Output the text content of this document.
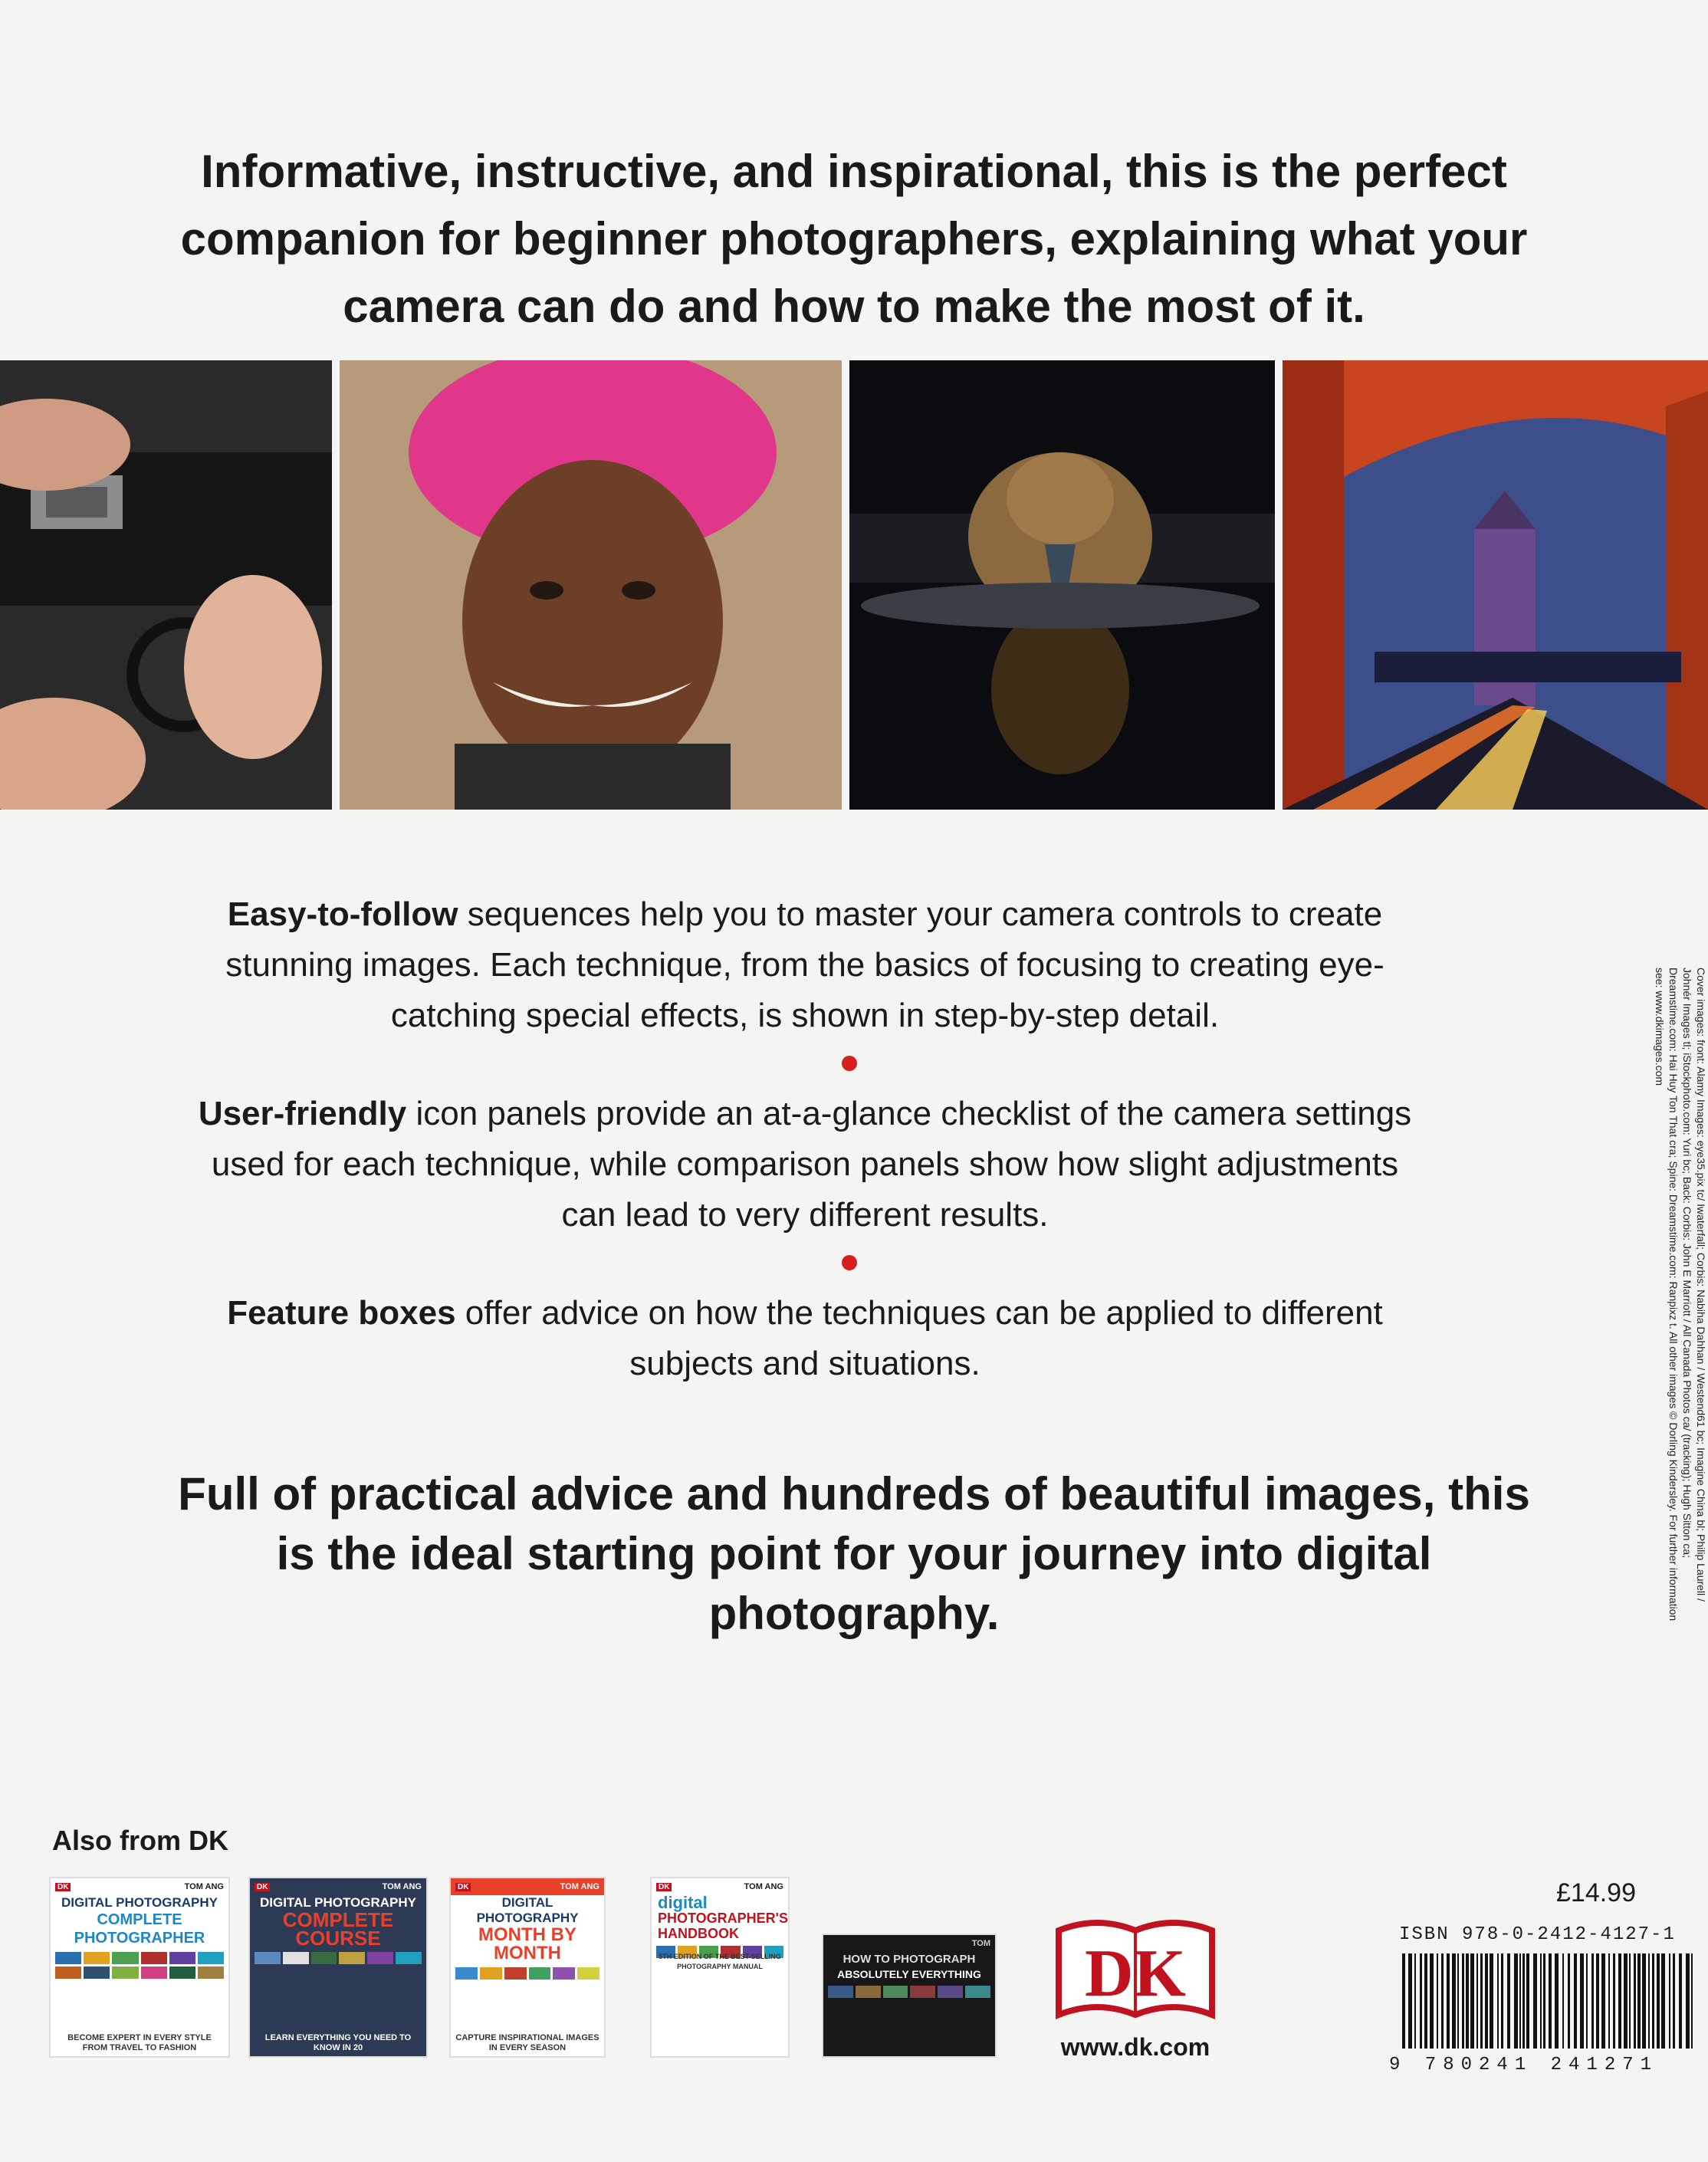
Informative, instructive, and inspirational, this is the perfect companion for beginner photographers, explaining what your camera can do and how to make the most of it.
Easy-to-follow sequences help you to master your camera controls to create stunning images. Each technique, from the basics of focusing to creating eye-catching special effects, is shown in step-by-step detail.
User-friendly icon panels provide an at-a-glance checklist of the camera settings used for each technique, while comparison panels show how slight adjustments can lead to very different results.
Feature boxes offer advice on how the techniques can be applied to different subjects and situations.
Full of practical advice and hundreds of beautiful images, this is the ideal starting point for your journey into digital photography.
Cover images: front: Alamy Images: eye35.pix tc/ Iwaterfall; Corbis: Nabiha Dahhan / Westend61 bc; Imagine China bl; Philip Laurell / Johnér Images tl; iStockphoto.com: Yuri bc; Back: Corbis: John E Marriott / All Canada Photos ca/ (tracking); Hugh Sitton ca; Dreamstime.com: Hai Huy Ton That cra; Spine: Dreamstime.com: Ranpixz t. All other images © Dorling Kindersley. For further information see: www.dkimages.com
Also from DK
DK	TOM ANG
DIGITAL PHOTOGRAPHY
COMPLETE PHOTOGRAPHER
BECOME EXPERT IN EVERY STYLE FROM TRAVEL TO FASHION
DK	TOM ANG
DIGITAL PHOTOGRAPHY
COMPLETE COURSE
LEARN EVERYTHING YOU NEED TO KNOW IN 20
DK	TOM ANG
DIGITAL PHOTOGRAPHY
MONTH BY MONTH
CAPTURE INSPIRATIONAL IMAGES IN EVERY SEASON
DK	TOM ANG
digital
PHOTOGRAPHER'S HANDBOOK
5TH EDITION OF THE BEST-SELLING PHOTOGRAPHY MANUAL
TOM
HOW TO PHOTOGRAPH
ABSOLUTELY EVERYTHING DK
www.dk.com
£14.99
ISBN 978-0-2412-4127-1
9 780241 241271
